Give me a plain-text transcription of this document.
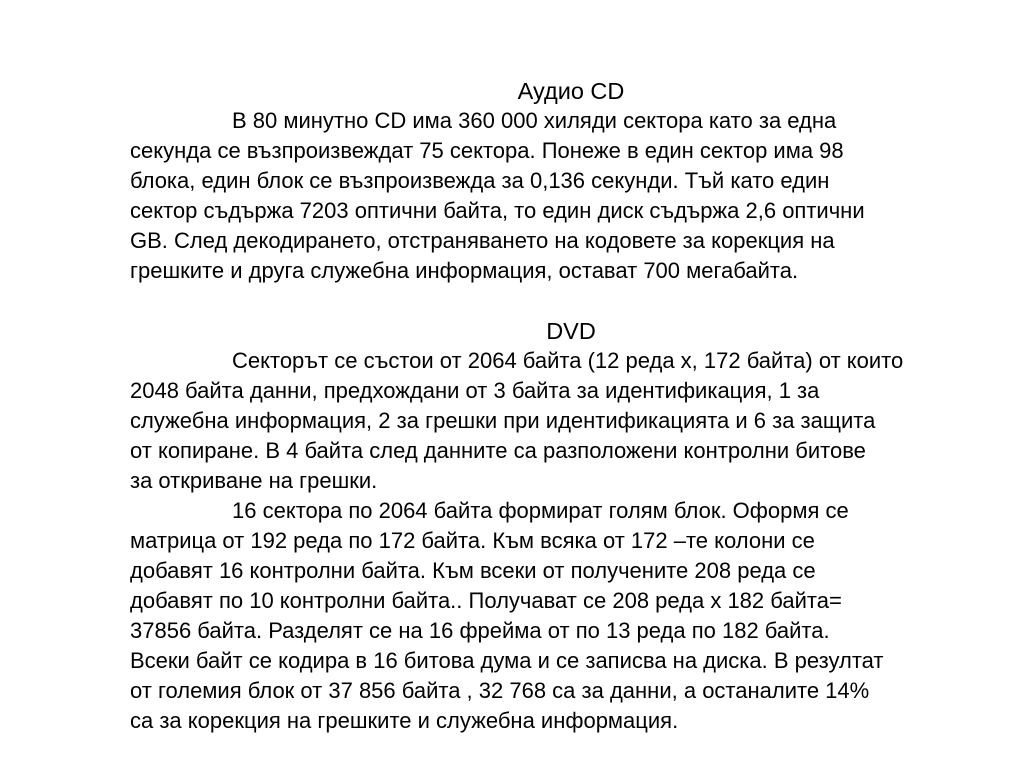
Аудио CD
В 80 минутно CD има 360 000 хиляди сектора като за една
секунда се възпроизвеждат 75 сектора. Понеже в един сектор има 98
блока, един блок се възпроизвежда за 0,136 секунди. Тъй като един
сектор съдържа 7203 оптични байта, то един диск съдържа 2,6 оптични
GB. След декодирането, отстраняването на кодовете за корекция на
грешките и друга служебна информация, остават 700 мегабайта.
DVD
Секторът се състои от 2064 байта (12 реда x, 172 байта) от които
2048 байта данни, предхождани от 3 байта за идентификация, 1 за
служебна информация, 2 за грешки при идентификацията и 6 за защита
от копиране. В 4 байта след данните са разположени контролни битове
за откриване на грешки.
16 сектора по 2064 байта формират голям блок. Оформя се
матрица от 192 реда по 172 байта. Към всяка от 172 –те колони се
добавят 16 контролни байта. Към всеки от получените 208 реда се
добавят по 10 контролни байта.. Получават се 208 реда x 182 байта=
37856 байта. Разделят се на 16 фрейма от по 13 реда по 182 байта.
Всеки байт се кодира в 16 битова дума и се записва на диска. В резултат
от големия блок от 37 856 байта , 32 768 са за данни, а останалите 14%
са за корекция на грешките и служебна информация.
